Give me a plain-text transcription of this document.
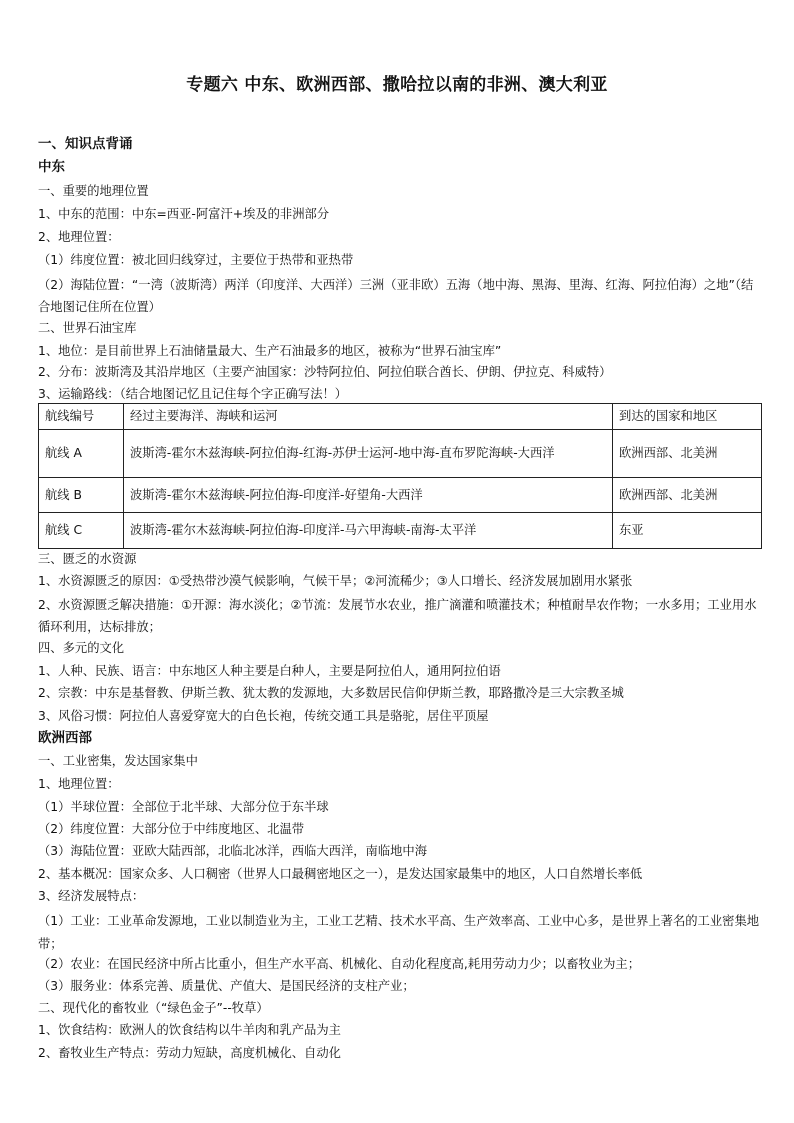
专题六 中东、欧洲西部、撒哈拉以南的非洲、澳大利亚
一、知识点背诵
中东
一、重要的地理位置
1、中东的范围：中东=西亚-阿富汗+埃及的非洲部分
2、地理位置：
（1）纬度位置：被北回归线穿过，主要位于热带和亚热带
（2）海陆位置：“一湾（波斯湾）两洋（印度洋、大西洋）三洲（亚非欧）五海（地中海、黑海、里海、红海、阿拉伯海）之地”（结合地图记住所在位置）
二、世界石油宝库
1、地位：是目前世界上石油储量最大、生产石油最多的地区，被称为“世界石油宝库”
2、分布：波斯湾及其沿岸地区（主要产油国家：沙特阿拉伯、阿拉伯联合酋长、伊朗、伊拉克、科威特）
3、运输路线：（结合地图记忆且记住每个字正确写法！）
航线编号	经过主要海洋、海峡和运河	到达的国家和地区
航线 A	波斯湾-霍尔木兹海峡-阿拉伯海-红海-苏伊士运河-地中海-直布罗陀海峡-大西洋	欧洲西部、北美洲
航线 B	波斯湾-霍尔木兹海峡-阿拉伯海-印度洋-好望角-大西洋	欧洲西部、北美洲
航线 C	波斯湾-霍尔木兹海峡-阿拉伯海-印度洋-马六甲海峡-南海-太平洋	东亚
三、匮乏的水资源
1、水资源匮乏的原因：①受热带沙漠气候影响，气候干旱；②河流稀少；③人口增长、经济发展加剧用水紧张
2、水资源匮乏解决措施：①开源：海水淡化；②节流：发展节水农业，推广滴灌和喷灌技术；种植耐旱农作物；一水多用；工业用水循环利用，达标排放；
四、多元的文化
1、人种、民族、语言：中东地区人种主要是白种人，主要是阿拉伯人，通用阿拉伯语
2、宗教：中东是基督教、伊斯兰教、犹太教的发源地，大多数居民信仰伊斯兰教，耶路撒冷是三大宗教圣城
3、风俗习惯：阿拉伯人喜爱穿宽大的白色长袍，传统交通工具是骆驼，居住平顶屋
欧洲西部
一、工业密集，发达国家集中
1、地理位置：
（1）半球位置：全部位于北半球、大部分位于东半球
（2）纬度位置：大部分位于中纬度地区、北温带
（3）海陆位置：亚欧大陆西部，北临北冰洋，西临大西洋，南临地中海
2、基本概况：国家众多、人口稠密（世界人口最稠密地区之一），是发达国家最集中的地区，人口自然增长率低
3、经济发展特点：
（1）工业：工业革命发源地，工业以制造业为主，工业工艺精、技术水平高、生产效率高、工业中心多，是世界上著名的工业密集地带；
（2）农业：在国民经济中所占比重小，但生产水平高、机械化、自动化程度高,耗用劳动力少；以畜牧业为主；
（3）服务业：体系完善、质量优、产值大、是国民经济的支柱产业；
二、现代化的畜牧业（“绿色金子”--牧草）
1、饮食结构：欧洲人的饮食结构以牛羊肉和乳产品为主
2、畜牧业生产特点：劳动力短缺，高度机械化、自动化
